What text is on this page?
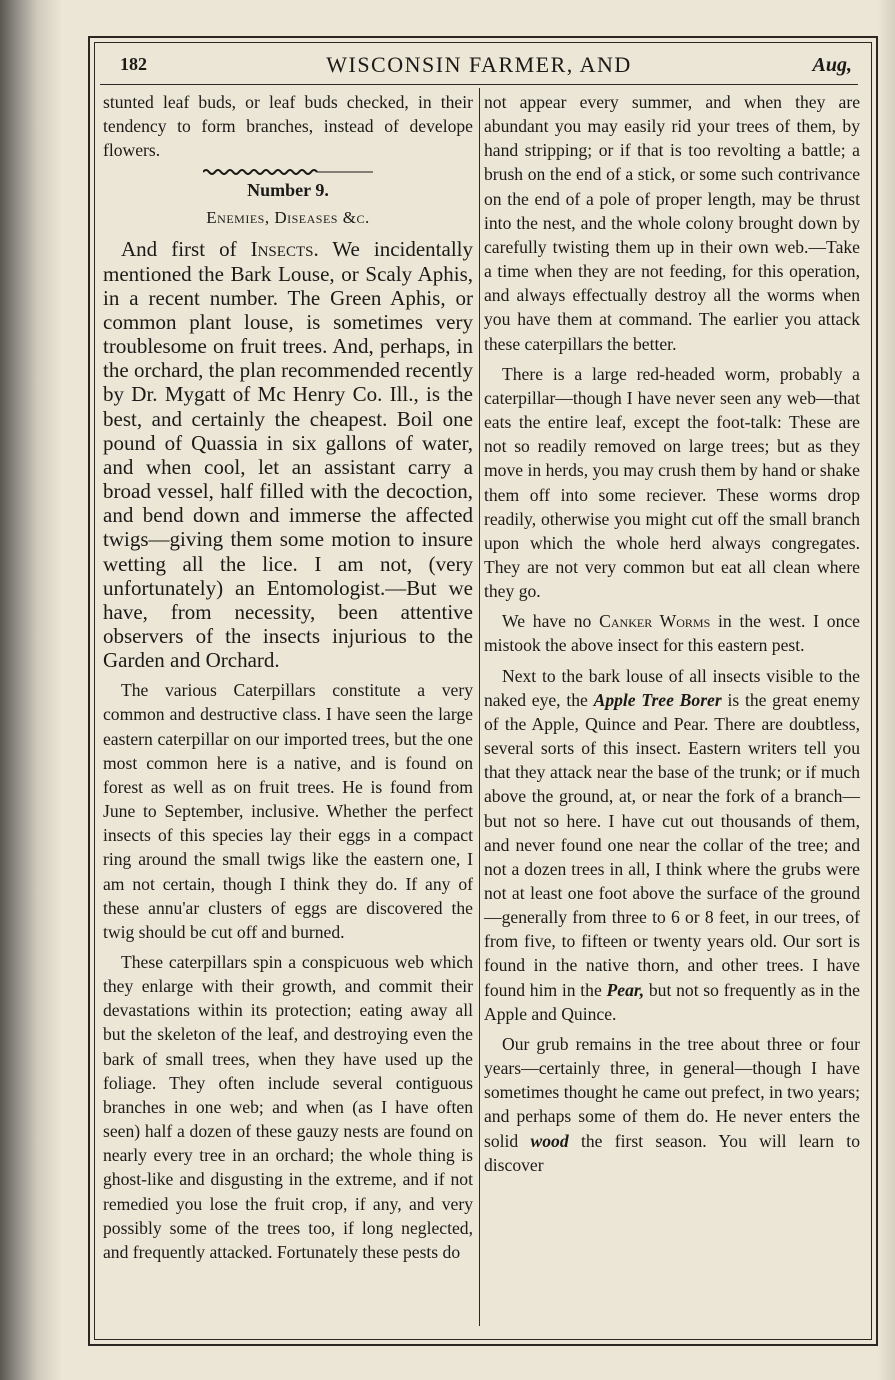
182	WISCONSIN FARMER, AND	Aug,

stunted leaf buds, or leaf buds checked, in their tendency to form branches, instead of develope flowers.

Number 9.
Enemies, Diseases &c.

And first of Insects. We incidentally mentioned the Bark Louse, or Scaly Aphis, in a recent number. The Green Aphis, or common plant louse, is sometimes very troublesome on fruit trees. And, perhaps, in the orchard, the plan recommended recently by Dr. Mygatt of Mc Henry Co. Ill., is the best, and certainly the cheapest. Boil one pound of Quassia in six gallons of water, and when cool, let an assistant carry a broad vessel, half filled with the decoction, and bend down and immerse the affected twigs—giving them some motion to insure wetting all the lice. I am not, (very unfortunately) an Entomologist.—But we have, from necessity, been attentive observers of the insects injurious to the Garden and Orchard.

The various Caterpillars constitute a very common and destructive class. I have seen the large eastern caterpillar on our imported trees, but the one most common here is a native, and is found on forest as well as on fruit trees. He is found from June to September, inclusive. Whether the perfect insects of this species lay their eggs in a compact ring around the small twigs like the eastern one, I am not certain, though I think they do. If any of these annu'ar clusters of eggs are discovered the twig should be cut off and burned.

These caterpillars spin a conspicuous web which they enlarge with their growth, and commit their devastations within its protection; eating away all but the skeleton of the leaf, and destroying even the bark of small trees, when they have used up the foliage. They often include several contiguous branches in one web; and when (as I have often seen) half a dozen of these gauzy nests are found on nearly every tree in an orchard; the whole thing is ghost-like and disgusting in the extreme, and if not remedied you lose the fruit crop, if any, and very possibly some of the trees too, if long neglected, and frequently attacked. Fortunately these pests do

not appear every summer, and when they are abundant you may easily rid your trees of them, by hand stripping; or if that is too revolting a battle; a brush on the end of a stick, or some such contrivance on the end of a pole of proper length, may be thrust into the nest, and the whole colony brought down by carefully twisting them up in their own web.—Take a time when they are not feeding, for this operation, and always effectually destroy all the worms when you have them at command. The earlier you attack these caterpillars the better.

There is a large red-headed worm, probably a caterpillar—though I have never seen any web—that eats the entire leaf, except the foot-talk: These are not so readily removed on large trees; but as they move in herds, you may crush them by hand or shake them off into some reciever. These worms drop readily, otherwise you might cut off the small branch upon which the whole herd always congregates. They are not very common but eat all clean where they go.

We have no Canker Worms in the west. I once mistook the above insect for this eastern pest.

Next to the bark louse of all insects visible to the naked eye, the Apple Tree Borer is the great enemy of the Apple, Quince and Pear. There are doubtless, several sorts of this insect. Eastern writers tell you that they attack near the base of the trunk; or if much above the ground, at, or near the fork of a branch—but not so here. I have cut out thousands of them, and never found one near the collar of the tree; and not a dozen trees in all, I think where the grubs were not at least one foot above the surface of the ground—generally from three to 6 or 8 feet, in our trees, of from five, to fifteen or twenty years old. Our sort is found in the native thorn, and other trees. I have found him in the Pear, but not so frequently as in the Apple and Quince.

Our grub remains in the tree about three or four years—certainly three, in general—though I have sometimes thought he came out prefect, in two years; and perhaps some of them do. He never enters the solid wood the first season. You will learn to discover
